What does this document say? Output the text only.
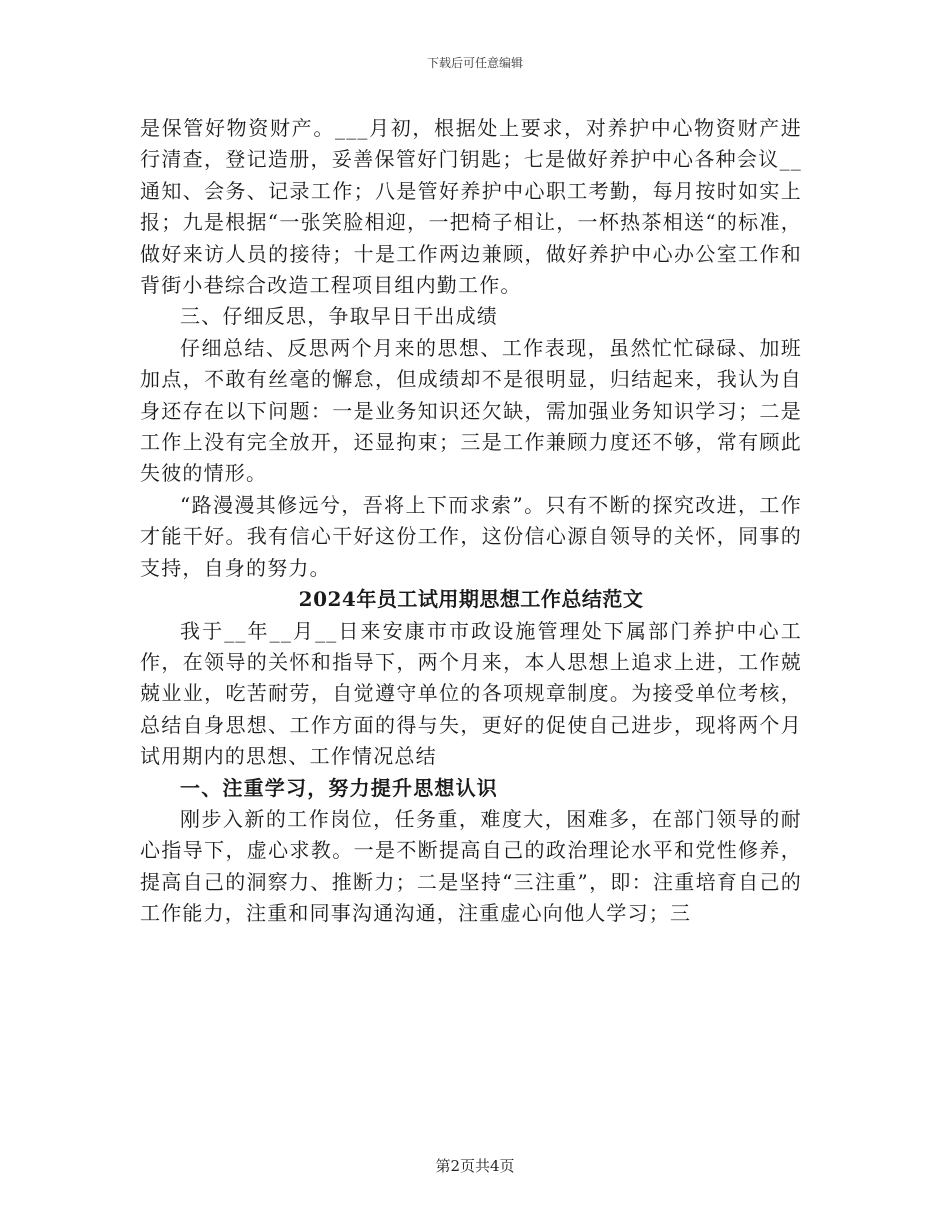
下载后可任意编辑

是保管好物资财产。___月初，根据处上要求，对养护中心物资财产进行清查，登记造册，妥善保管好门钥匙；七是做好养护中心各种会议__通知、会务、记录工作；八是管好养护中心职工考勤，每月按时如实上报；九是根据“一张笑脸相迎，一把椅子相让，一杯热茶相送“的标准，做好来访人员的接待；十是工作两边兼顾，做好养护中心办公室工作和背街小巷综合改造工程项目组内勤工作。

三、仔细反思，争取早日干出成绩

仔细总结、反思两个月来的思想、工作表现，虽然忙忙碌碌、加班加点，不敢有丝毫的懈怠，但成绩却不是很明显，归结起来，我认为自身还存在以下问题：一是业务知识还欠缺，需加强业务知识学习；二是工作上没有完全放开，还显拘束；三是工作兼顾力度还不够，常有顾此失彼的情形。

“路漫漫其修远兮，吾将上下而求索”。只有不断的探究改进，工作才能干好。我有信心干好这份工作，这份信心源自领导的关怀，同事的支持，自身的努力。

2024年员工试用期思想工作总结范文

我于__年__月__日来安康市市政设施管理处下属部门养护中心工作，在领导的关怀和指导下，两个月来，本人思想上追求上进，工作兢兢业业，吃苦耐劳，自觉遵守单位的各项规章制度。为接受单位考核，总结自身思想、工作方面的得与失，更好的促使自己进步，现将两个月试用期内的思想、工作情况总结

一、注重学习，努力提升思想认识

刚步入新的工作岗位，任务重，难度大，困难多，在部门领导的耐心指导下，虚心求教。一是不断提高自己的政治理论水平和党性修养，提高自己的洞察力、推断力；二是坚持“三注重”，即：注重培育自己的工作能力，注重和同事沟通沟通，注重虚心向他人学习；三

第2页共4页
